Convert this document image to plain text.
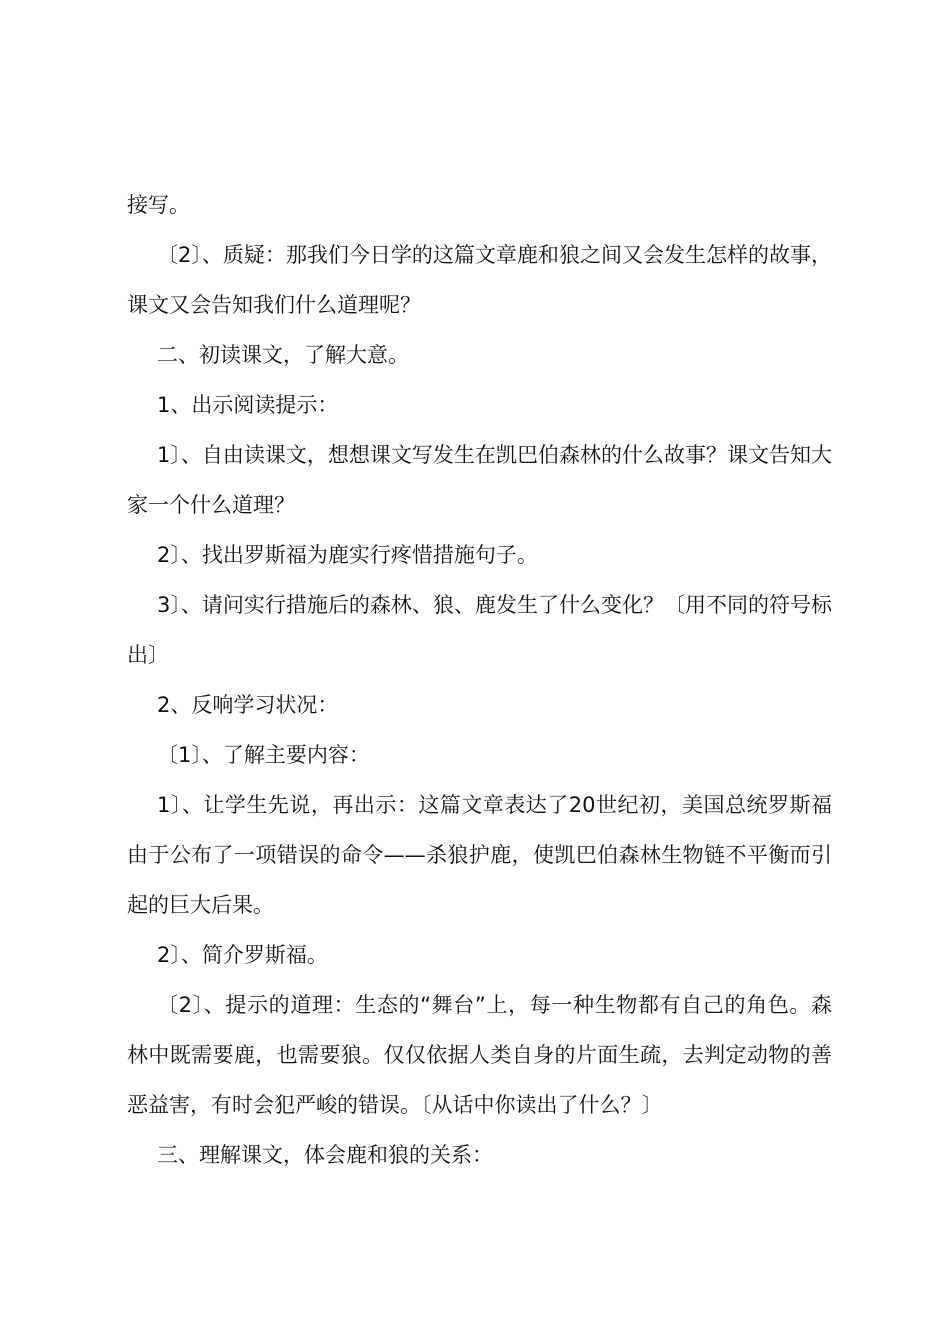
接写。

〔2〕、质疑：那我们今日学的这篇文章鹿和狼之间又会发生怎样的故事，课文又会告知我们什么道理呢？

二、初读课文，了解大意。

1、出示阅读提示：

1〕、自由读课文，想想课文写发生在凯巴伯森林的什么故事？课文告知大家一个什么道理？

2〕、找出罗斯福为鹿实行疼惜措施句子。

3〕、请问实行措施后的森林、狼、鹿发生了什么变化？〔用不同的符号标出〕

2、反响学习状况：

〔1〕、了解主要内容：

1〕、让学生先说，再出示：这篇文章表达了20世纪初，美国总统罗斯福由于公布了一项错误的命令——杀狼护鹿，使凯巴伯森林生物链不平衡而引起的巨大后果。

2〕、简介罗斯福。

〔2〕、提示的道理：生态的“舞台”上，每一种生物都有自己的角色。森林中既需要鹿，也需要狼。仅仅依据人类自身的片面生疏，去判定动物的善恶益害，有时会犯严峻的错误。〔从话中你读出了什么？〕

三、理解课文，体会鹿和狼的关系：
